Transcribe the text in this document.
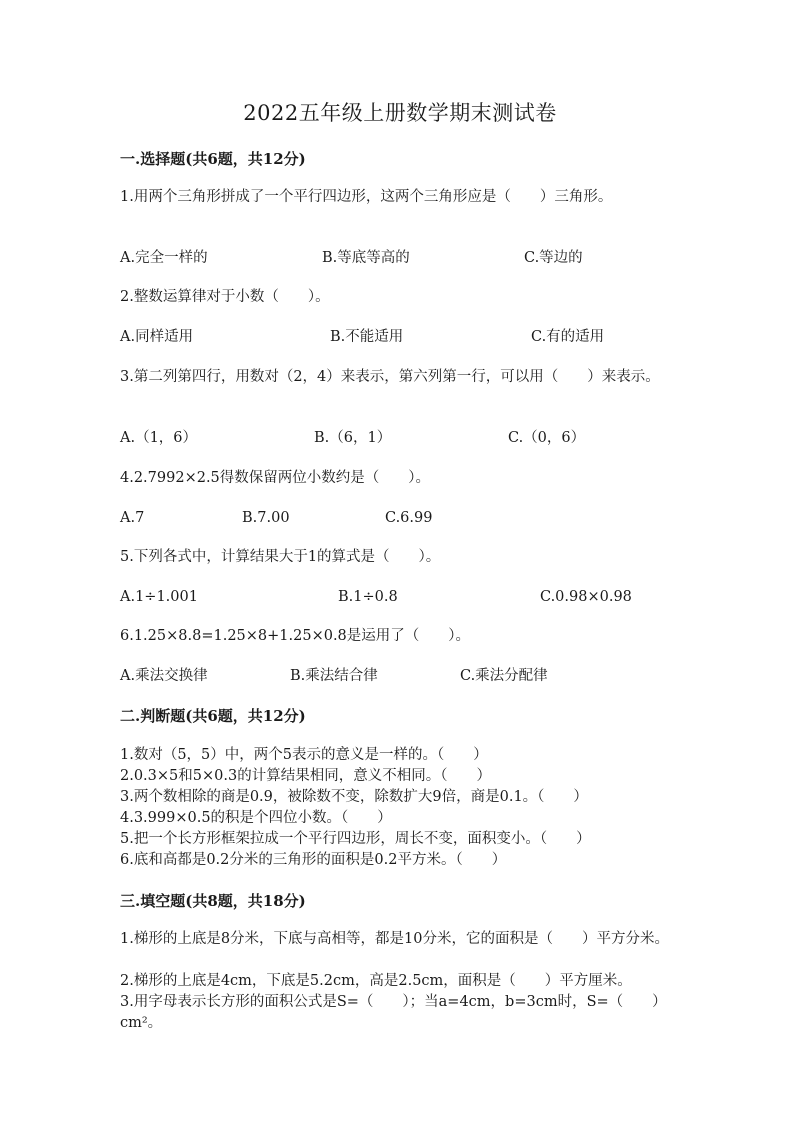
2022五年级上册数学期末测试卷
一.选择题(共6题，共12分)
1.用两个三角形拼成了一个平行四边形，这两个三角形应是（　　）三角形。
A.完全一样的	B.等底等高的	C.等边的
2.整数运算律对于小数（　　）。
A.同样适用	B.不能适用	C.有的适用
3.第二列第四行，用数对（2，4）来表示，第六列第一行，可以用（　　）来表示。
A.（1，6）	B.（6，1）	C.（0，6）
4.2.7992×2.5得数保留两位小数约是（　　）。
A.7	B.7.00	C.6.99
5.下列各式中，计算结果大于1的算式是（　　）。
A.1÷1.001	B.1÷0.8	C.0.98×0.98
6.1.25×8.8=1.25×8+1.25×0.8是运用了（　　）。
A.乘法交换律	B.乘法结合律	C.乘法分配律
二.判断题(共6题，共12分)
1.数对（5，5）中，两个5表示的意义是一样的。（　　）
2.0.3×5和5×0.3的计算结果相同，意义不相同。（　　）
3.两个数相除的商是0.9，被除数不变，除数扩大9倍，商是0.1。（　　）
4.3.999×0.5的积是个四位小数。（　　）
5.把一个长方形框架拉成一个平行四边形，周长不变，面积变小。（　　）
6.底和高都是0.2分米的三角形的面积是0.2平方米。（　　）
三.填空题(共8题，共18分)
1.梯形的上底是8分米，下底与高相等，都是10分米，它的面积是（　　）平方分米。
2.梯形的上底是4cm，下底是5.2cm，高是2.5cm，面积是（　　）平方厘米。
3.用字母表示长方形的面积公式是S=（　　）；当a=4cm，b=3cm时，S=（　　）cm²。
